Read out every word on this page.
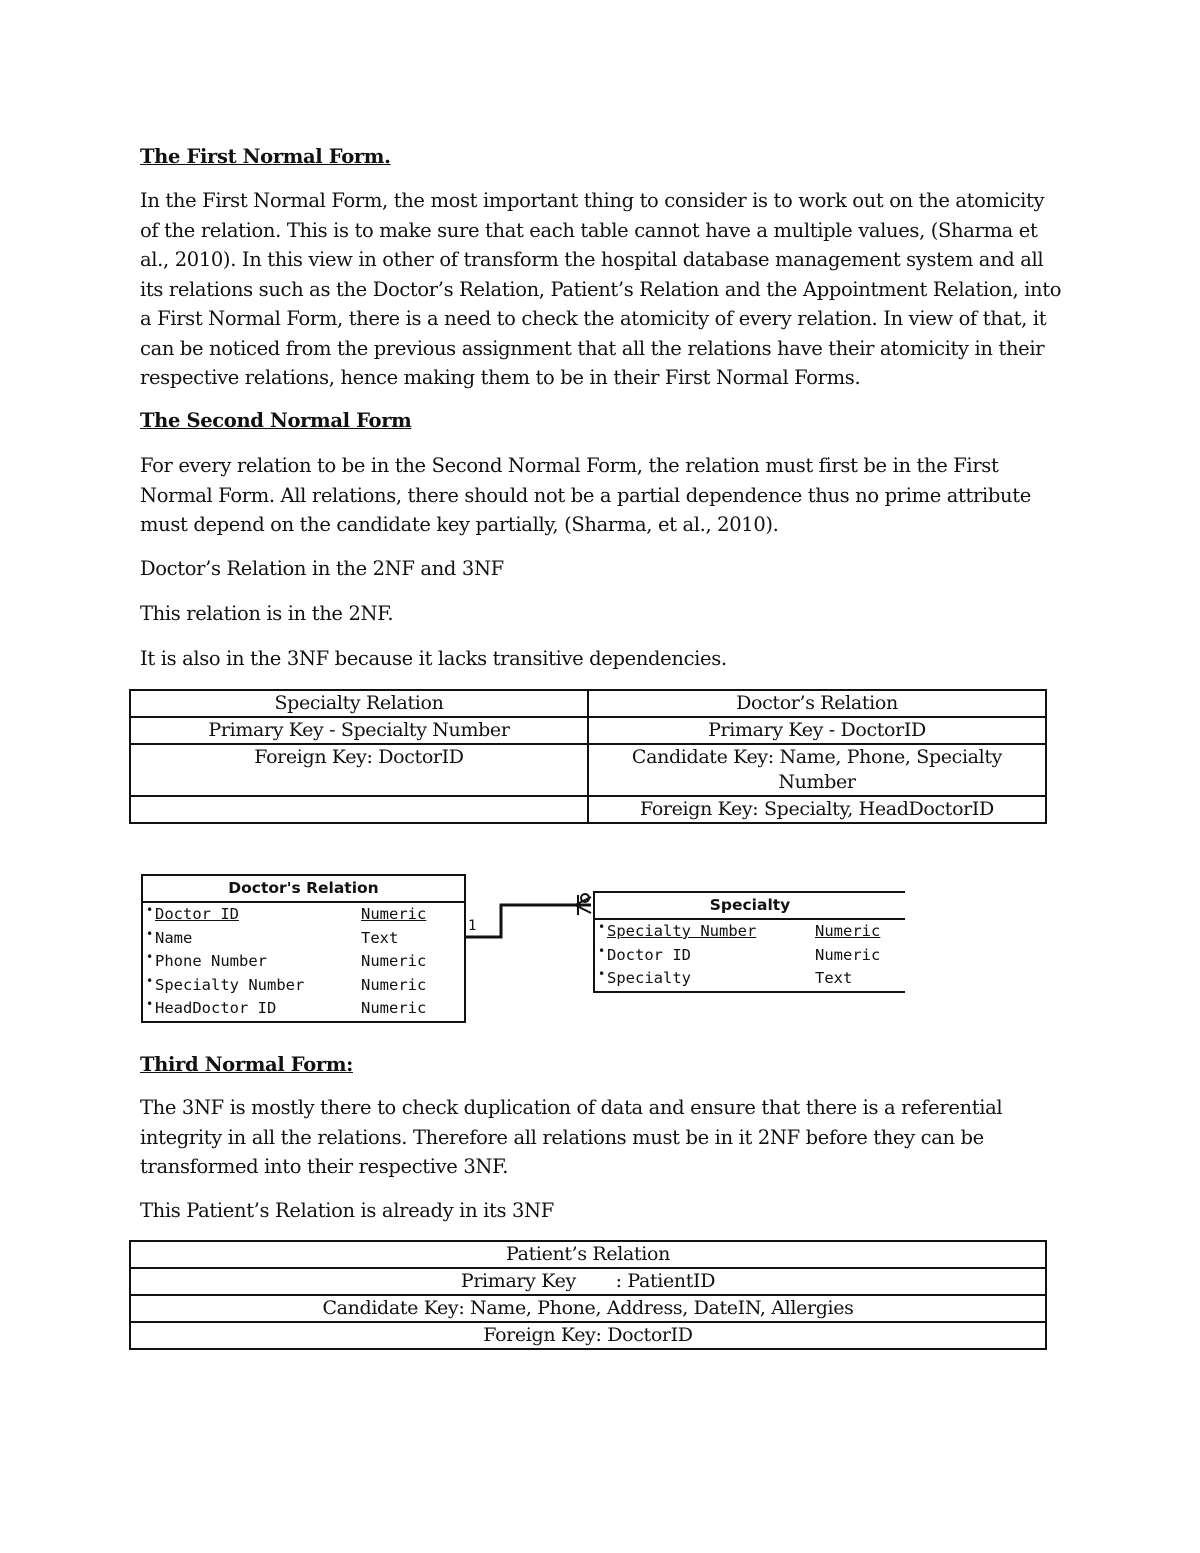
The First Normal Form.
In the First Normal Form, the most important thing to consider is to work out on the atomicity of the relation. This is to make sure that each table cannot have a multiple values, (Sharma et al., 2010). In this view in other of transform the hospital database management system and all its relations such as the Doctor’s Relation, Patient’s Relation and the Appointment Relation, into a First Normal Form, there is a need to check the atomicity of every relation. In view of that, it can be noticed from the previous assignment that all the relations have their atomicity in their respective relations, hence making them to be in their First Normal Forms.
The Second Normal Form
For every relation to be in the Second Normal Form, the relation must first be in the First Normal Form. All relations, there should not be a partial dependence thus no prime attribute must depend on the candidate key partially, (Sharma, et al., 2010).
Doctor’s Relation in the 2NF and 3NF
This relation is in the 2NF.
It is also in the 3NF because it lacks transitive dependencies.
Specialty Relation	Doctor’s Relation
Primary Key - Specialty Number	Primary Key - DoctorID
Foreign Key: DoctorID	Candidate Key: Name, Phone, Specialty Number
	Foreign Key: Specialty, HeadDoctorID
1
Doctor's Relation
• Doctor ID	Numeric
• Name	Text
• Phone Number	Numeric
• Specialty Number	Numeric
• HeadDoctor ID	Numeric
Specialty
• Specialty Number	Numeric
• Doctor ID	Numeric
• Specialty	Text
Third Normal Form:
The 3NF is mostly there to check duplication of data and ensure that there is a referential integrity in all the relations. Therefore all relations must be in it 2NF before they can be transformed into their respective 3NF.
This Patient’s Relation is already in its 3NF
Patient’s Relation
Primary Key       : PatientID
Candidate Key: Name, Phone, Address, DateIN, Allergies
Foreign Key: DoctorID
